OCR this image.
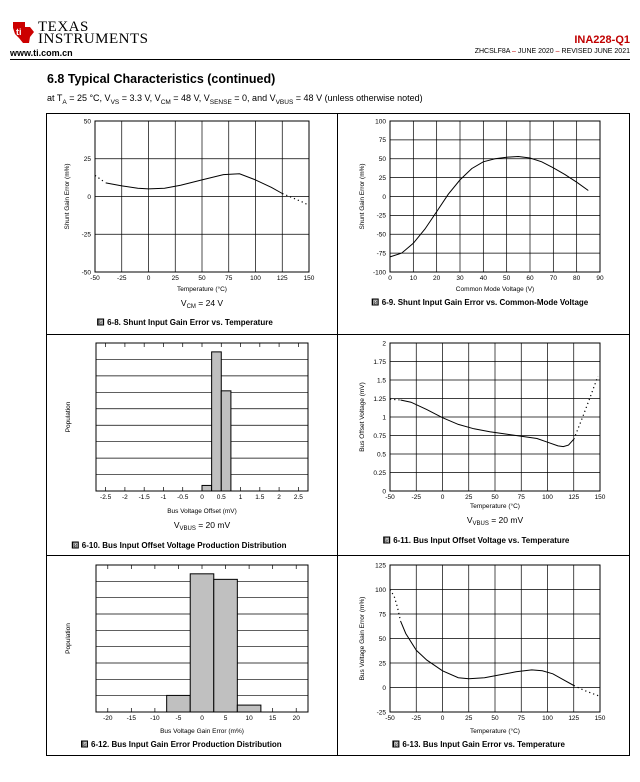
ti TEXAS
INSTRUMENTS
www.ti.com.cn
INA228-Q1
ZHCSLF8A – JUNE 2020 – REVISED JUNE 2021
6.8 Typical Characteristics (continued)
at $T_A = 25$ °C, $V_{VS} = 3.3$ V, $V_{CM} = 48$ V, $V_{SENSE} = 0$, and $V_{VBUS} = 48$ V (unless otherwise noted)
-50	-25	0	25	50	75	100 125 150
-50
-25
0
25
50
Temperature (°C)
Shunt Gain Error (m%)
$V_{CM} = 24$ V
图 6-8. Shunt Input Gain Error vs. Temperature
0	10 20 30 40 50 60 70 80 90
-100
-75
-50
-25
0
25
50
75
100
Common Mode Voltage (V)
Shunt Gain Error (m%)
图 6-9. Shunt Input Gain Error vs. Common-Mode Voltage
-2.5 -2 -1.5 -1 -0.5 0 0.5 1 1.5 2 2.5
Bus Voltage Offset (mV)
Population
$V_{VBUS} = 20$ mV
图 6-10. Bus Input Offset Voltage Production Distribution
-50	-25	0	25	50	75	100 125 150
0
0.25
0.5
0.75
1
1.25
1.5
1.75
2
Temperature (°C)
Bus Offset Voltage (mV)
$V_{VBUS} = 20$ mV
图 6-11. Bus Input Offset Voltage vs. Temperature
-20 -15 -10 -5	0	5	10	15	20
Bus Voltage Gain Error (m%)
Population
图 6-12. Bus Input Gain Error Production Distribution
-50	-25	0	25	50	75	100 125 150
-25
0
25
50
75
100
125
Temperature (°C)
Bus Voltage Gain Error (m%)
图 6-13. Bus Input Gain Error vs. Temperature
